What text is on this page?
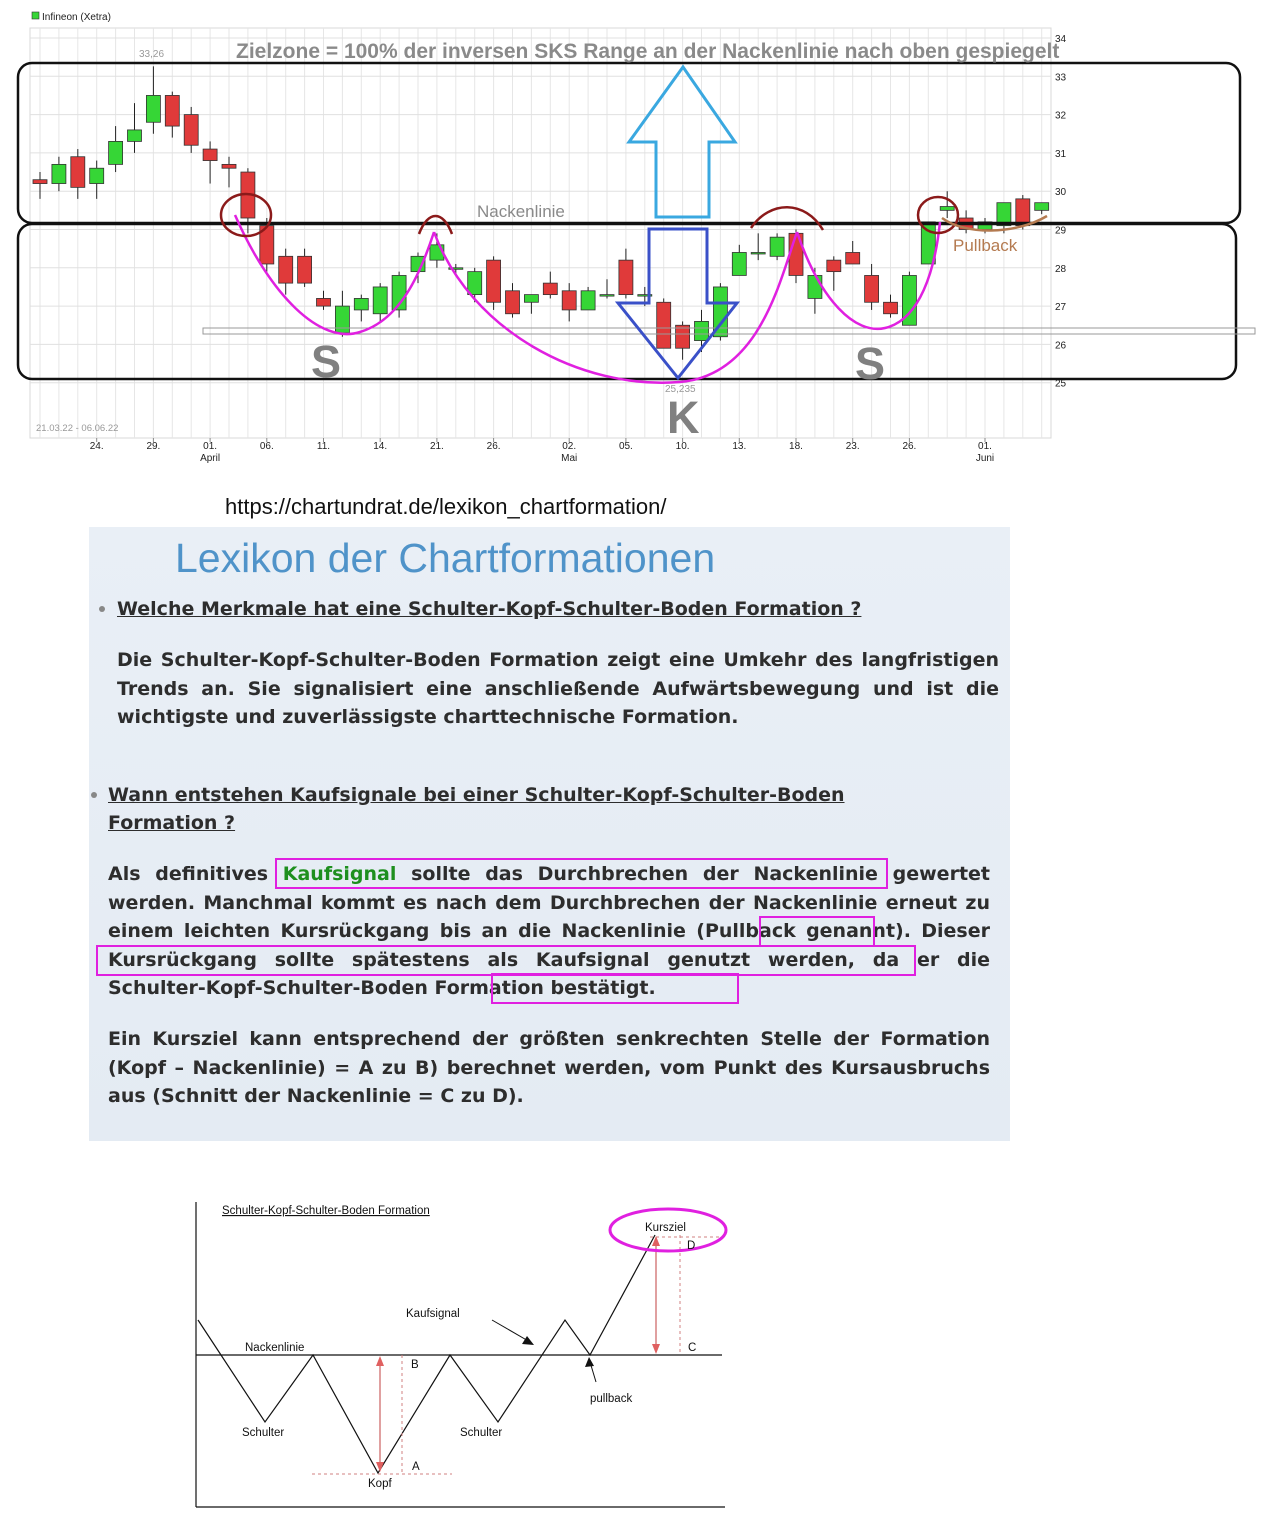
34
33
32
31
30
29
28
27
26
25
24.	29.	01.	06.	11.	14.	21.	26.	02.	05.	10.	13.	18.	23.	26.	01.
April	Mai	Juni
Infineon (Xetra)
21.03.22 - 06.06.22
33,26
25,235
Zielzone = 100% der inversen SKS Range an der Nackenlinie nach oben gespiegelt
Nackenlinie
Pullback
S	S
K
https://chartundrat.de/lexikon_chartformation/
Lexikon der Chartformationen
Welche Merkmale hat eine Schulter-Kopf-Schulter-Boden Formation ?
Die Schulter-Kopf-Schulter-Boden Formation zeigt eine Umkehr des langfristigen Trends an. Sie signalisiert eine anschließende Aufwärtsbewegung und ist die wichtigste und zuverlässigste charttechnische Formation.
Wann entstehen Kaufsignale bei einer Schulter-Kopf-Schulter-Boden Formation ?
Als definitives Kaufsignal sollte das Durchbrechen der Nackenlinie gewertet werden. Manchmal kommt es nach dem Durchbrechen der Nackenlinie erneut zu einem leichten Kursrückgang bis an die Nackenlinie (Pullback genannt). Dieser Kursrückgang sollte spätestens als Kaufsignal genutzt werden, da er die Schulter-Kopf-Schulter-Boden Formation bestätigt.
Ein Kursziel kann entsprechend der größten senkrechten Stelle der Formation (Kopf – Nackenlinie) = A zu B) berechnet werden, vom Punkt des Kursausbruchs aus (Schnitt der Nackenlinie = C zu D).
Schulter-Kopf-Schulter-Boden Formation
Kursziel
Kaufsignal
Nackenlinie
Schulter	Schulter
Kopf
pullback
A
B
C
D
